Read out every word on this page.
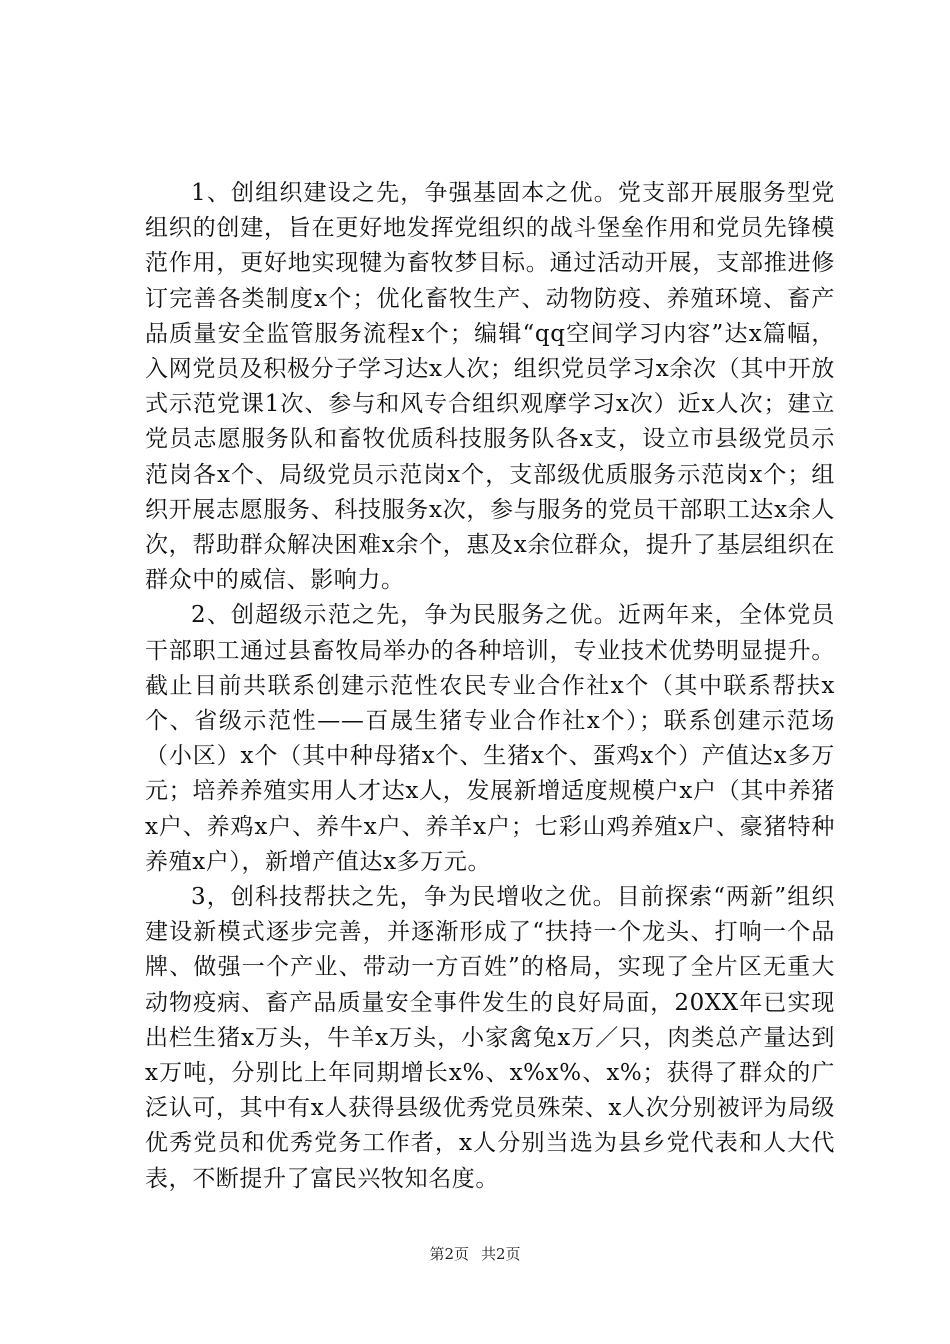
1、创组织建设之先，争强基固本之优。党支部开展服务型党组织的创建，旨在更好地发挥党组织的战斗堡垒作用和党员先锋模范作用，更好地实现犍为畜牧梦目标。通过活动开展，支部推进修订完善各类制度x个；优化畜牧生产、动物防疫、养殖环境、畜产品质量安全监管服务流程x个；编辑“qq空间学习内容”达x篇幅，入网党员及积极分子学习达x人次；组织党员学习x余次（其中开放式示范党课1次、参与和风专合组织观摩学习x次）近x人次；建立党员志愿服务队和畜牧优质科技服务队各x支，设立市县级党员示范岗各x个、局级党员示范岗x个，支部级优质服务示范岗x个；组织开展志愿服务、科技服务x次，参与服务的党员干部职工达x余人次，帮助群众解决困难x余个，惠及x余位群众，提升了基层组织在群众中的威信、影响力。

2、创超级示范之先，争为民服务之优。近两年来，全体党员干部职工通过县畜牧局举办的各种培训，专业技术优势明显提升。截止目前共联系创建示范性农民专业合作社x个（其中联系帮扶x个、省级示范性——百晟生猪专业合作社x个）；联系创建示范场（小区）x个（其中种母猪x个、生猪x个、蛋鸡x个）产值达x多万元；培养养殖实用人才达x人，发展新增适度规模户x户（其中养猪x户、养鸡x户、养牛x户、养羊x户；七彩山鸡养殖x户、豪猪特种养殖x户），新增产值达x多万元。

3，创科技帮扶之先，争为民增收之优。目前探索“两新”组织建设新模式逐步完善，并逐渐形成了“扶持一个龙头、打响一个品牌、做强一个产业、带动一方百姓”的格局，实现了全片区无重大动物疫病、畜产品质量安全事件发生的良好局面，20XX年已实现出栏生猪x万头，牛羊x万头，小家禽兔x万／只，肉类总产量达到x万吨，分别比上年同期增长x%、x%x%、x%；获得了群众的广泛认可，其中有x人获得县级优秀党员殊荣、x人次分别被评为局级优秀党员和优秀党务工作者，x人分别当选为县乡党代表和人大代表，不断提升了富民兴牧知名度。

第2页 共2页
